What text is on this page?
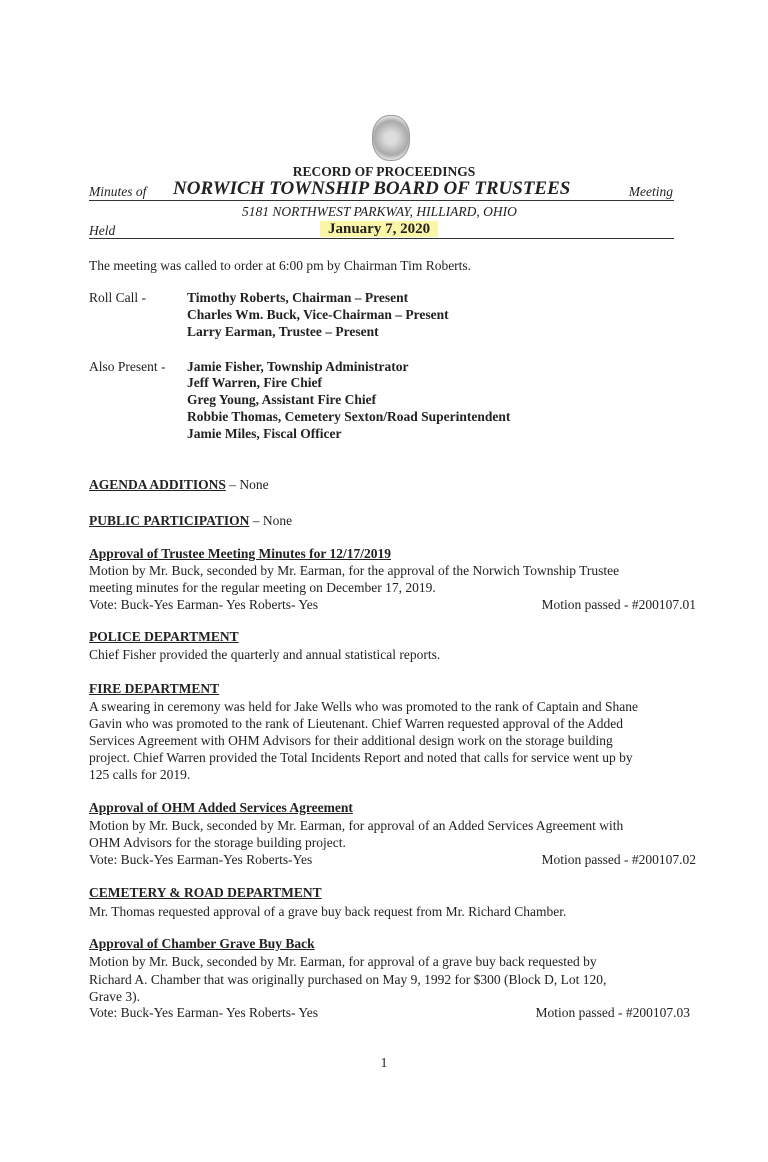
RECORD OF PROCEEDINGS
Minutes of NORWICH TOWNSHIP BOARD OF TRUSTEES	Meeting
5181 NORTHWEST PARKWAY, HILLIARD, OHIO
Held	January 7, 2020
The meeting was called to order at 6:00 pm by Chairman Tim Roberts.
Roll Call -	Timothy Roberts, Chairman – Present
Charles Wm. Buck, Vice-Chairman – Present
Larry Earman, Trustee – Present
Also Present - Jamie Fisher, Township Administrator
Jeff Warren, Fire Chief
Greg Young, Assistant Fire Chief
Robbie Thomas, Cemetery Sexton/Road Superintendent
Jamie Miles, Fiscal Officer
AGENDA ADDITIONS – None
PUBLIC PARTICIPATION – None
Approval of Trustee Meeting Minutes for 12/17/2019
Motion by Mr. Buck, seconded by Mr. Earman, for the approval of the Norwich Township Trustee
meeting minutes for the regular meeting on December 17, 2019.
Vote: Buck-Yes Earman- Yes Roberts- Yes	Motion passed - #200107.01
POLICE DEPARTMENT
Chief Fisher provided the quarterly and annual statistical reports.
FIRE DEPARTMENT
A swearing in ceremony was held for Jake Wells who was promoted to the rank of Captain and Shane
Gavin who was promoted to the rank of Lieutenant. Chief Warren requested approval of the Added
Services Agreement with OHM Advisors for their additional design work on the storage building
project. Chief Warren provided the Total Incidents Report and noted that calls for service went up by
125 calls for 2019.
Approval of OHM Added Services Agreement
Motion by Mr. Buck, seconded by Mr. Earman, for approval of an Added Services Agreement with
OHM Advisors for the storage building project.
Vote: Buck-Yes Earman-Yes Roberts-Yes	Motion passed - #200107.02
CEMETERY & ROAD DEPARTMENT
Mr. Thomas requested approval of a grave buy back request from Mr. Richard Chamber.
Approval of Chamber Grave Buy Back
Motion by Mr. Buck, seconded by Mr. Earman, for approval of a grave buy back requested by
Richard A. Chamber that was originally purchased on May 9, 1992 for $300 (Block D, Lot 120,
Grave 3).
Vote: Buck-Yes Earman- Yes Roberts- Yes	Motion passed - #200107.03
1
